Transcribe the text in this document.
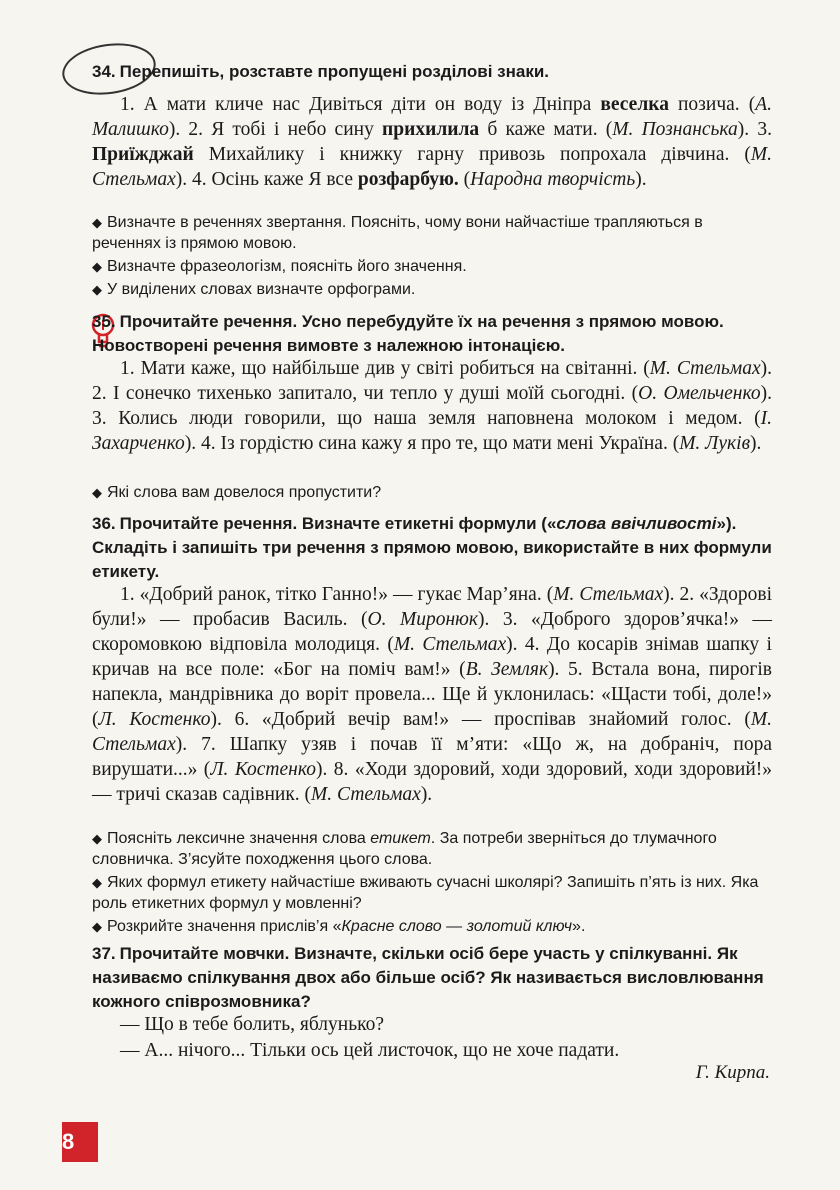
34. Перепишіть, розставте пропущені розділові знаки.

1. А мати кличе нас Дивіться діти он воду із Дніпра веселка позича. (А. Малишко). 2. Я тобі і небо сину прихилила б каже мати. (М. Познанська). 3. Приїжджай Михайлику і книжку гарну привозь попрохала дівчина. (М. Стельмах). 4. Осінь каже Я все розфарбую. (Народна творчість).

◆ Визначте в реченнях звертання. Поясніть, чому вони найчастіше трапляються в реченнях із прямою мовою.
◆ Визначте фразеологізм, поясніть його значення.
◆ У виділених словах визначте орфограми.
35. Прочитайте речення. Усно перебудуйте їх на речення з прямою мовою. Новостворені речення вимовте з належною інтонацією.

1. Мати каже, що найбільше див у світі робиться на світанні. (М. Стельмах). 2. І сонечко тихенько запитало, чи тепло у душі моїй сьогодні. (О. Омельченко). 3. Колись люди говорили, що наша земля наповнена молоком і медом. (І. Захарченко). 4. Із гордістю сина кажу я про те, що мати мені Україна. (М. Луків).

◆ Які слова вам довелося пропустити?
36. Прочитайте речення. Визначте етикетні формули («слова ввічливості»). Складіть і запишіть три речення з прямою мовою, використайте в них формули етикету.

1. «Добрий ранок, тітко Ганно!» — гукає Мар’яна. (М. Стельмах). 2. «Здорові були!» — пробасив Василь. (О. Миронюк). 3. «Доброго здоров’ячка!» — скоромовкою відповіла молодиця. (М. Стельмах). 4. До косарів знімав шапку і кричав на все поле: «Бог на поміч вам!» (В. Земляк). 5. Встала вона, пирогів напекла, мандрівника до воріт провела... Ще й уклонилась: «Щасти тобі, доле!» (Л. Костенко). 6. «Добрий вечір вам!» — проспівав знайомий голос. (М. Стельмах). 7. Шапку узяв і почав її м’яти: «Що ж, на добраніч, пора вирушати...» (Л. Костенко). 8. «Ходи здоровий, ходи здоровий, ходи здоровий!» — тричі сказав садівник. (М. Стельмах).

◆ Поясніть лексичне значення слова етикет. За потреби зверніться до тлумачного словничка. З’ясуйте походження цього слова.
◆ Яких формул етикету найчастіше вживають сучасні школярі? Запишіть п’ять із них. Яка роль етикетних формул у мовленні?
◆ Розкрийте значення прислів’я «Красне слово — золотий ключ».
37. Прочитайте мовчки. Визначте, скільки осіб бере участь у спілкуванні. Як називаємо спілкування двох або більше осіб? Як називається висловлювання кожного співрозмовника?
— Що в тебе болить, яблунько?
— А... нічого... Тільки ось цей листочок, що не хоче падати.
Г. Кирпа.
8
